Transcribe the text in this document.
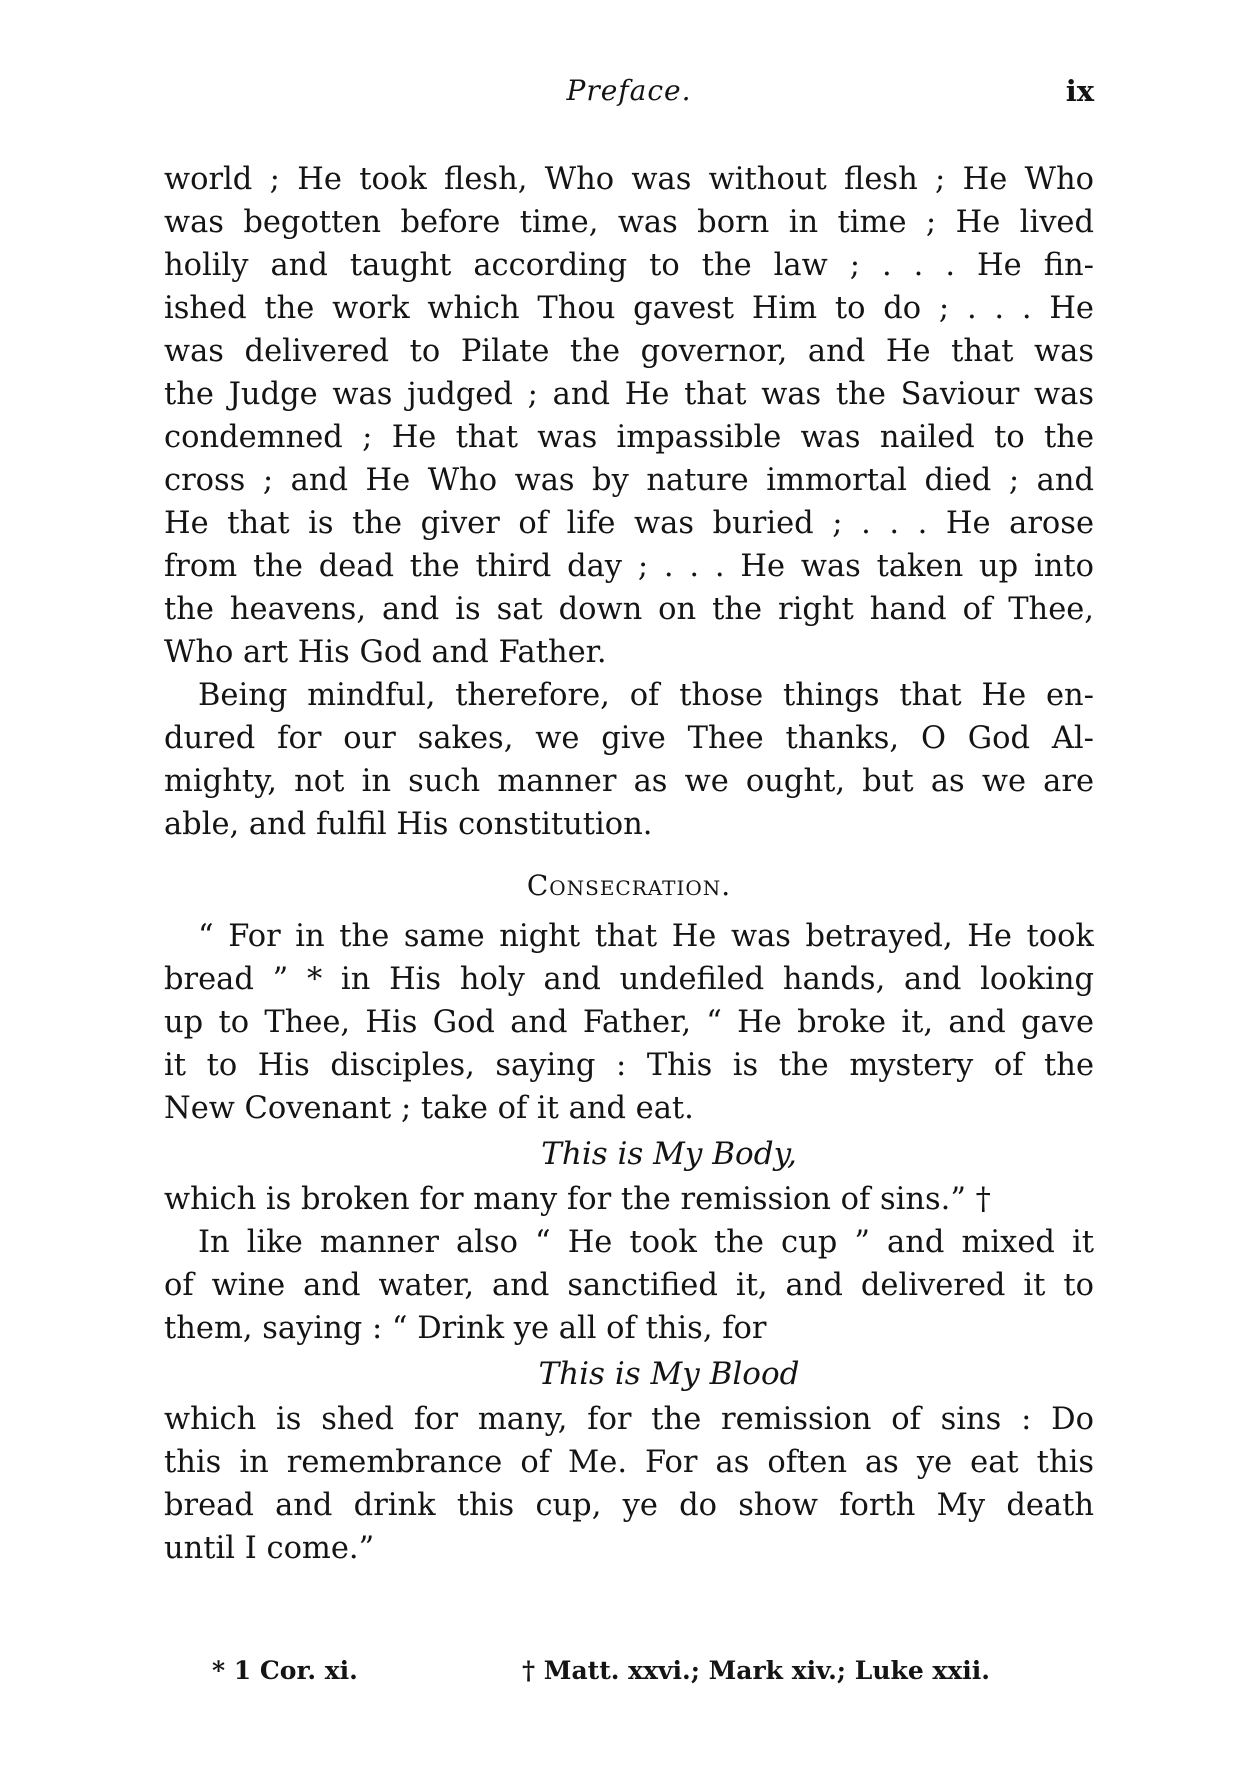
Preface.	ix
world ; He took flesh, Who was without flesh ; He Who
was begotten before time, was born in time ; He lived
holily and taught according to the law ; . . . He fin-
ished the work which Thou gavest Him to do ; . . . He
was delivered to Pilate the governor, and He that was
the Judge was judged ; and He that was the Saviour was
condemned ; He that was impassible was nailed to the
cross ; and He Who was by nature immortal died ; and
He that is the giver of life was buried ; . . . He arose
from the dead the third day ; . . . He was taken up into
the heavens, and is sat down on the right hand of Thee,
Who art His God and Father.
Being mindful, therefore, of those things that He en-
dured for our sakes, we give Thee thanks, O God Al-
mighty, not in such manner as we ought, but as we are
able, and fulfil His constitution.
Consecration.
“ For in the same night that He was betrayed, He took
bread ” * in His holy and undefiled hands, and looking
up to Thee, His God and Father, “ He broke it, and gave
it to His disciples, saying : This is the mystery of the
New Covenant ; take of it and eat.
This is My Body,
which is broken for many for the remission of sins.” †
In like manner also “ He took the cup ” and mixed it
of wine and water, and sanctified it, and delivered it to
them, saying : “ Drink ye all of this, for
This is My Blood
which is shed for many, for the remission of sins : Do
this in remembrance of Me. For as often as ye eat this
bread and drink this cup, ye do show forth My death
until I come.”
* 1 Cor. xi.	† Matt. xxvi.; Mark xiv.; Luke xxii.
